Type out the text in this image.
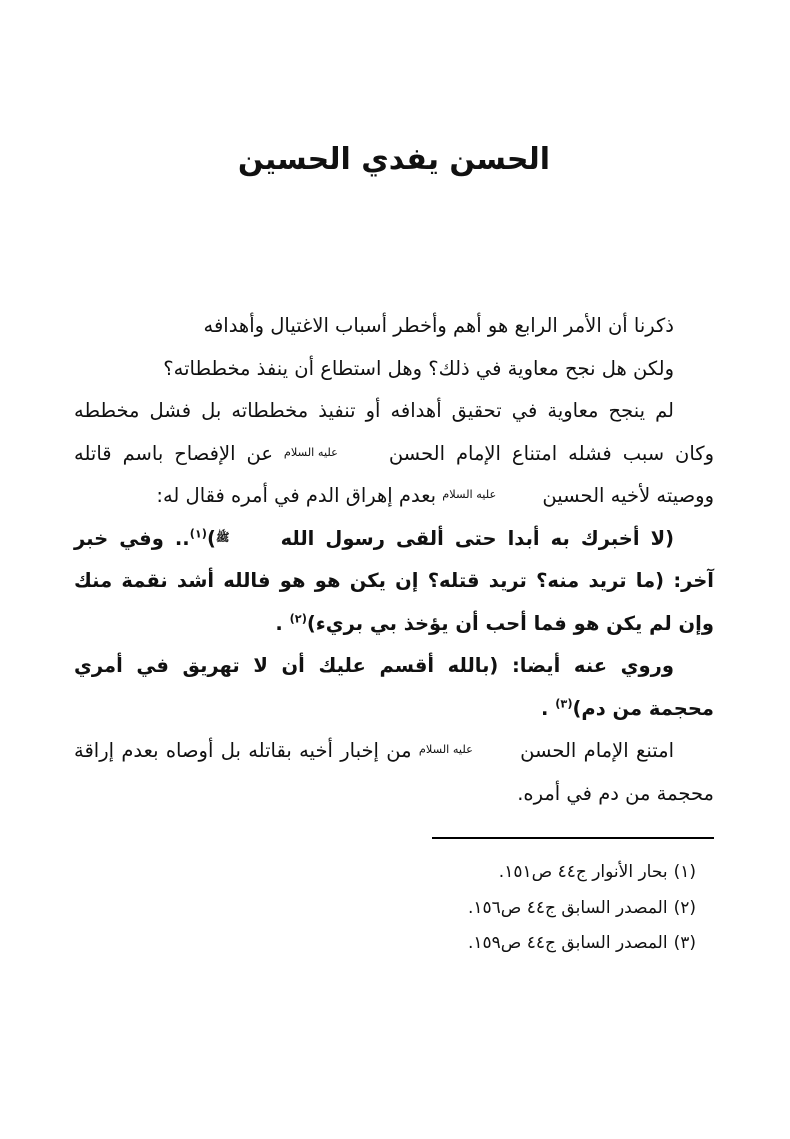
الحسن يفدي الحسين

ذكرنا أن الأمر الرابع هو أهم وأخطر أسباب الاغتيال وأهدافه

ولكن هل نجح معاوية في ذلك؟ وهل استطاع أن ينفذ مخططاته؟

لم ينجح معاوية في تحقيق أهدافه أو تنفيذ مخططاته بل فشل مخططه وكان سبب فشله امتناع الإمام الحسن عليه السلام عن الإفصاح باسم قاتله ووصيته لأخيه الحسين عليه السلام بعدم إهراق الدم في أمره فقال له:

(لا أخبرك به أبدا حتى ألقى رسول الله ﷺ)$^{(١)}$.. وفي خبر آخر: (ما تريد منه؟ تريد قتله؟ إن يكن هو هو فالله أشد نقمة منك وإن لم يكن هو فما أحب أن يؤخذ بي بريء)$^{(٢)}$ .

وروي عنه أيضا: (بالله أقسم عليك أن لا تهريق في أمري محجمة من دم)$^{(٣)}$ .

امتنع الإمام الحسن عليه السلام من إخبار أخيه بقاتله بل أوصاه بعدم إراقة محجمة من دم في أمره.

(١)بحار الأنوار ج٤٤ ص١٥١.

(٢)المصدر السابق ج٤٤ ص١٥٦.

(٣)المصدر السابق ج٤٤ ص١٥٩.
